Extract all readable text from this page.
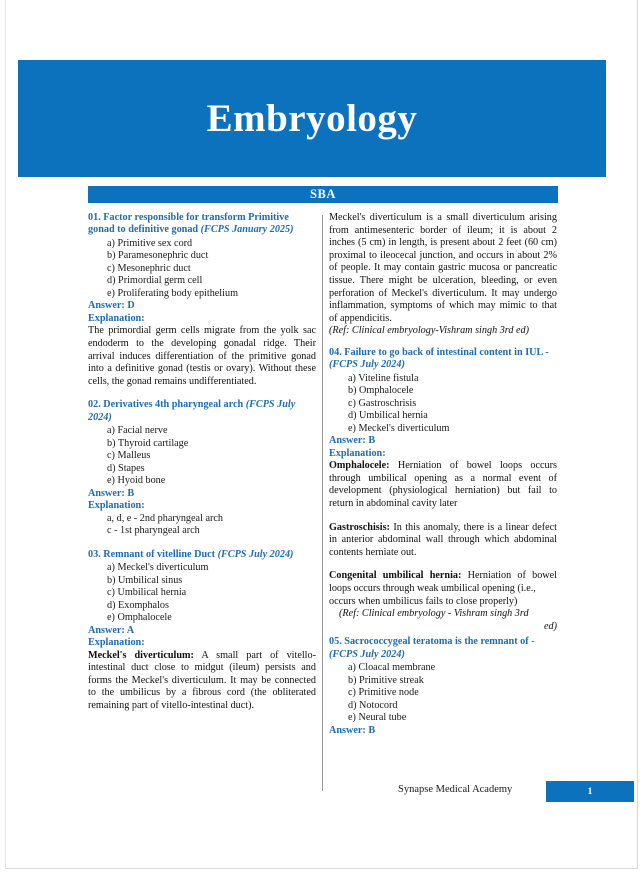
Embryology
SBA

01. Factor responsible for transform Primitive gonad to definitive gonad (FCPS January 2025)

a) Primitive sex cord
b) Paramesonephric duct
c) Mesonephric duct
d) Primordial germ cell
e) Proliferating body epithelium

Answer: D

Explanation:

The primordial germ cells migrate from the yolk sac endoderm to the developing gonadal ridge. Their arrival induces differentiation of the primitive gonad into a definitive gonad (testis or ovary). Without these cells, the gonad remains undifferentiated.

02. Derivatives 4th pharyngeal arch (FCPS July 2024)

a) Facial nerve
b) Thyroid cartilage
c) Malleus
d) Stapes
e) Hyoid bone

Answer: B

Explanation:

a, d, e - 2nd pharyngeal arch
c - 1st pharyngeal arch

03. Remnant of vitelline Duct (FCPS July 2024)

a) Meckel's diverticulum
b) Umbilical sinus
c) Umbilical hernia
d) Exomphalos
e) Omphalocele

Answer: A

Explanation:

Meckel's diverticulum: A small part of vitello-intestinal duct close to midgut (ileum) persists and forms the Meckel's diverticulum. It may be connected to the umbilicus by a fibrous cord (the obliterated remaining part of vitello-intestinal duct).

Meckel's diverticulum is a small diverticulum arising from antimesenteric border of ileum; it is about 2 inches (5 cm) in length, is present about 2 feet (60 cm) proximal to ileocecal junction, and occurs in about 2% of people. It may contain gastric mucosa or pancreatic tissue. There might be ulceration, bleeding, or even perforation of Meckel's diverticulum. It may undergo inflammation, symptoms of which may mimic to that of appendicitis.

(Ref: Clinical embryology-Vishram singh 3rd ed)

04. Failure to go back of intestinal content in IUL - (FCPS July 2024)

a) Viteline fistula
b) Omphalocele
c) Gastroschrisis
d) Umbilical hernia
e) Meckel's diverticulum

Answer: B

Explanation:

Omphalocele: Herniation of bowel loops occurs through umbilical opening as a normal event of development (physiological herniation) but fail to return in abdominal cavity later

Gastroschisis: In this anomaly, there is a linear defect in anterior abdominal wall through which abdominal contents herniate out.

Congenital umbilical hernia: Herniation of bowel loops occurs through weak umbilical opening (i.e.,

occurs when umbilicus fails to close properly)

(Ref: Clinical embryology - Vishram singh 3rd

ed)

05. Sacrococcygeal teratoma is the remnant of - (FCPS July 2024)

a) Cloacal membrane
b) Primitive streak
c) Primitive node
d) Notocord
e) Neural tube

Answer: B

Synapse Medical Academy	1
